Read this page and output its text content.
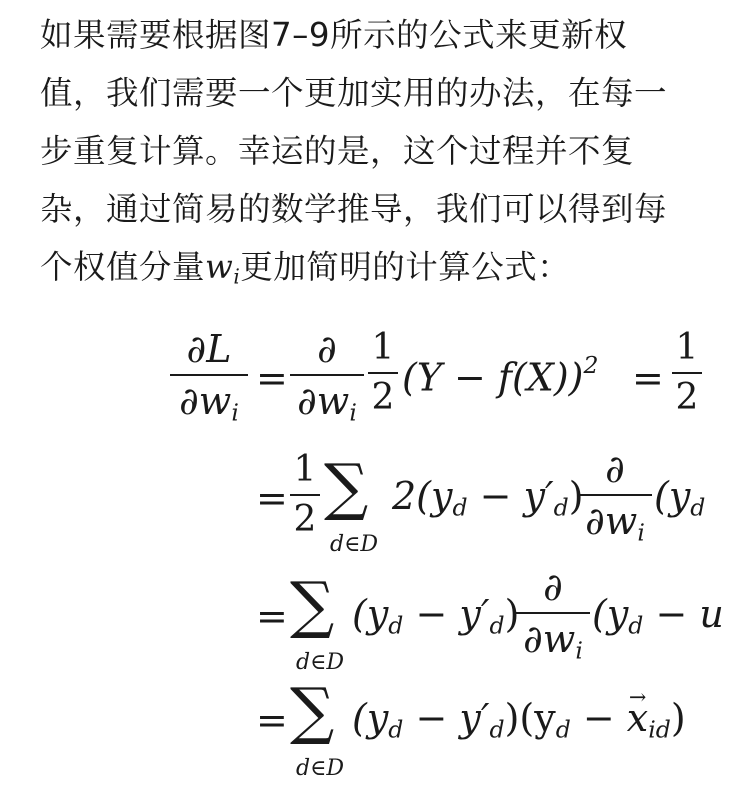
如果需要根据图7–9所示的公式来更新权
值，我们需要一个更加实用的办法，在每一
步重复计算。幸运的是，这个过程并不复
杂，通过简易的数学推导，我们可以得到每
个权值分量$w_i$更加简明的计算公式：
∂L
$\partial w_i$
=
∂
$\partial w_i$
1
2 $(Y - f(X))^2$ =
1
2
=
1
2 ∑
d∈D
$2(y_d - y'_d)$
∂
$\partial w_i$
($y_d$
= ∑
d∈D
$(y_d - y'_d)$
∂
$\partial w_i$
($y_d - u$
= ∑
d∈D
$(y_d - y'_d)(y_d$ − → $x_{id}$)
